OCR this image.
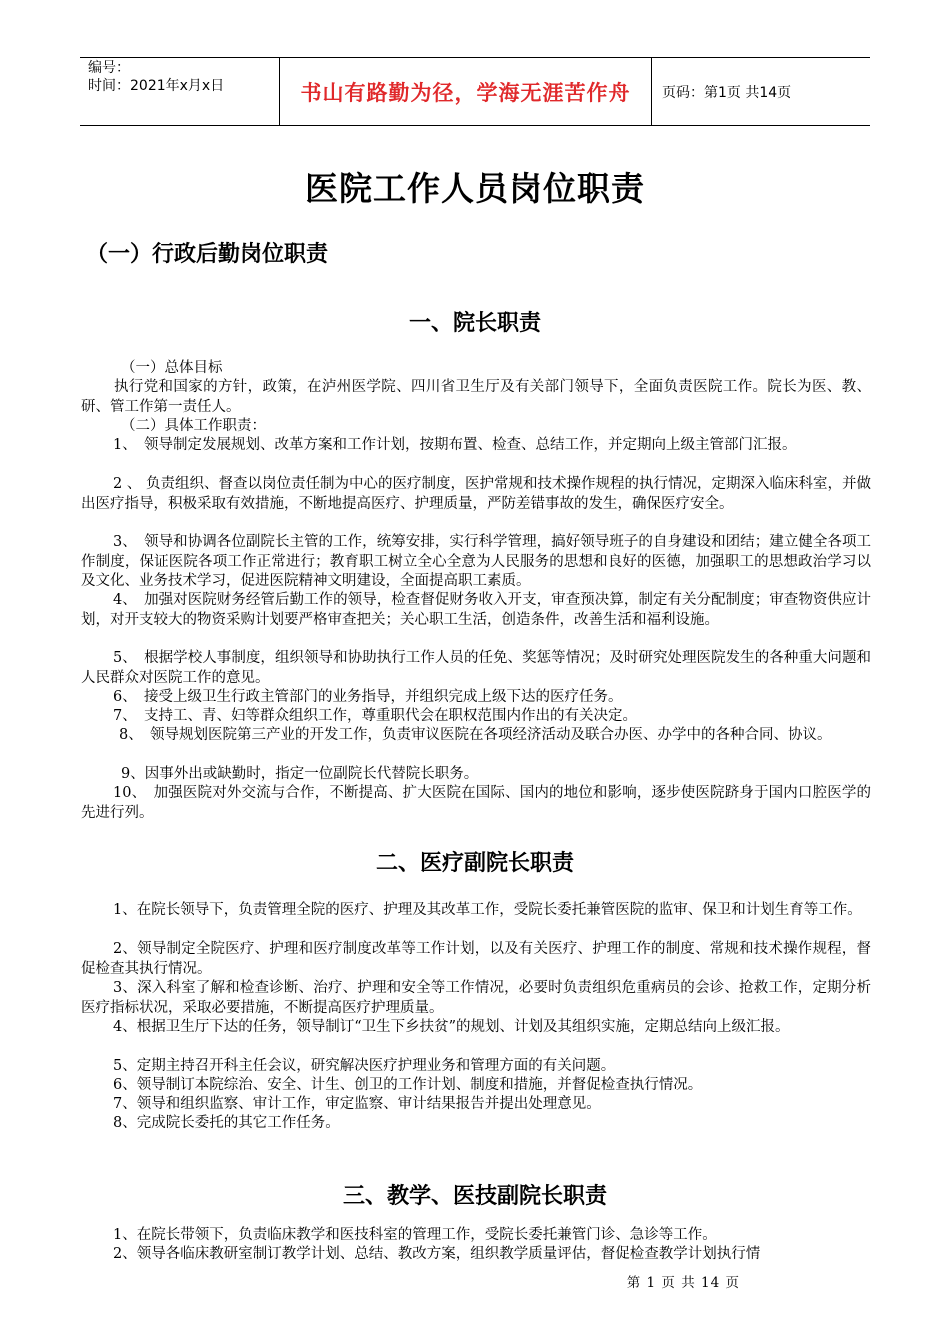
编号：
时间：2021年x月x日	书山有路勤为径，学海无涯苦作舟	页码：第1页 共14页
医院工作人员岗位职责
（一）行政后勤岗位职责
一、院长职责

（一）总体目标

执行党和国家的方针，政策，在泸州医学院、四川省卫生厅及有关部门领导下，全面负责医院工作。院长为医、教、研、管工作第一责任人。

（二）具体工作职责：

1、　领导制定发展规划、改革方案和工作计划，按期布置、检查、总结工作，并定期向上级主管部门汇报。

2 、 负责组织、督查以岗位责任制为中心的医疗制度，医护常规和技术操作规程的执行情况，定期深入临床科室，并做出医疗指导，积极采取有效措施，不断地提高医疗、护理质量，严防差错事故的发生，确保医疗安全。

3、　领导和协调各位副院长主管的工作，统筹安排，实行科学管理，搞好领导班子的自身建设和团结；建立健全各项工作制度，保证医院各项工作正常进行；教育职工树立全心全意为人民服务的思想和良好的医德，加强职工的思想政治学习以及文化、业务技术学习，促进医院精神文明建设，全面提高职工素质。

4、　加强对医院财务经管后勤工作的领导，检查督促财务收入开支，审查预决算，制定有关分配制度；审查物资供应计划，对开支较大的物资采购计划要严格审查把关；关心职工生活，创造条件，改善生活和福利设施。

5、　根据学校人事制度，组织领导和协助执行工作人员的任免、奖惩等情况；及时研究处理医院发生的各种重大问题和人民群众对医院工作的意见。

6、　接受上级卫生行政主管部门的业务指导，并组织完成上级下达的医疗任务。

7、　支持工、青、妇等群众组织工作，尊重职代会在职权范围内作出的有关决定。

8、　领导规划医院第三产业的开发工作，负责审议医院在各项经济活动及联合办医、办学中的各种合同、协议。

9、因事外出或缺勤时，指定一位副院长代替院长职务。

10、　加强医院对外交流与合作，不断提高、扩大医院在国际、国内的地位和影响，逐步使医院跻身于国内口腔医学的先进行列。

二、医疗副院长职责

1、在院长领导下，负责管理全院的医疗、护理及其改革工作，受院长委托兼管医院的监审、保卫和计划生育等工作。

2、领导制定全院医疗、护理和医疗制度改革等工作计划，以及有关医疗、护理工作的制度、常规和技术操作规程，督促检查其执行情况。

3、深入科室了解和检查诊断、治疗、护理和安全等工作情况，必要时负责组织危重病员的会诊、抢救工作，定期分析医疗指标状况，采取必要措施，不断提高医疗护理质量。

4、根据卫生厅下达的任务，领导制订“卫生下乡扶贫”的规划、计划及其组织实施，定期总结向上级汇报。

5、定期主持召开科主任会议，研究解决医疗护理业务和管理方面的有关问题。

6、领导制订本院综治、安全、计生、创卫的工作计划、制度和措施，并督促检查执行情况。

7、领导和组织监察、审计工作，审定监察、审计结果报告并提出处理意见。

8、完成院长委托的其它工作任务。

三、教学、医技副院长职责

1、在院长带领下，负责临床教学和医技科室的管理工作，受院长委托兼管门诊、急诊等工作。

2、领导各临床教研室制订教学计划、总结、教改方案，组织教学质量评估，督促检查教学计划执行情

第 1 页 共 14 页
